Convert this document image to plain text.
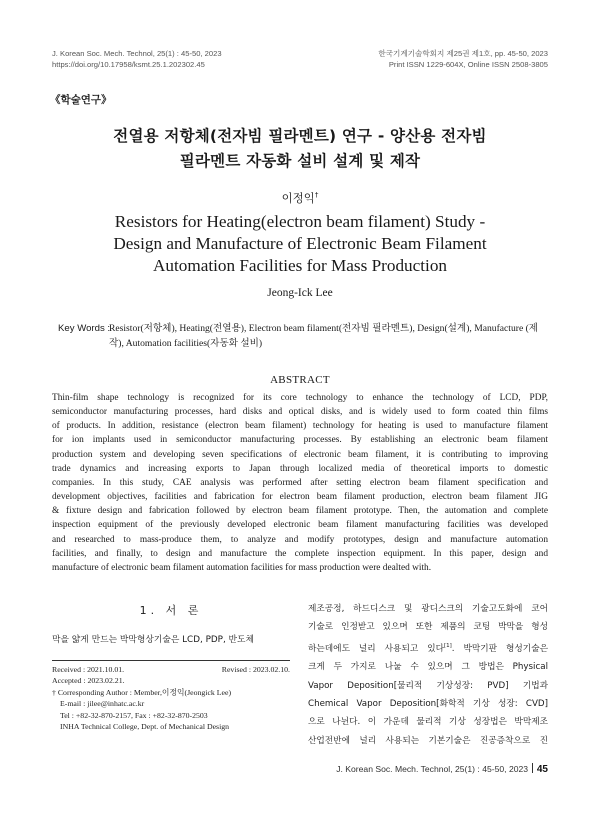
J. Korean Soc. Mech. Technol, 25(1) : 45-50, 2023
https://doi.org/10.17958/ksmt.25.1.202302.45
한국기계기술학회지 제25권 제1호, pp. 45-50, 2023
Print ISSN 1229-604X, Online ISSN 2508-3805
《학술연구》
전열용 저항체(전자빔 필라멘트) 연구 - 양산용 전자빔
필라멘트 자동화 설비 설계 및 제작
이정익†
Resistors for Heating(electron beam filament) Study -
Design and Manufacture of Electronic Beam Filament
Automation Facilities for Mass Production
Jeong-Ick Lee
Key Words :
Resistor(저항체), Heating(전열용), Electron beam filament(전자빔 필라멘트), Design(설계), Manufacture (제작), Automation facilities(자동화 설비)
ABSTRACT
Thin-film shape technology is recognized for its core technology to enhance the technology of LCD, PDP,
semiconductor manufacturing processes, hard disks and optical disks, and is widely used to form coated thin films
of products. In addition, resistance (electron beam filament) technology for heating is used to manufacture filament
for ion implants used in semiconductor manufacturing processes. By establishing an electronic beam filament
production system and developing seven specifications of electronic beam filament, it is contributing to improving
trade dynamics and increasing exports to Japan through localized media of theoretical imports to domestic
companies. In this study, CAE analysis was performed after setting electron beam filament specification and
development objectives, facilities and fabrication for electron beam filament production, electron beam filament JIG
& fixture design and fabrication followed by electron beam filament prototype. Then, the automation and complete
inspection equipment of the previously developed electronic beam filament manufacturing facilities was developed
and researched to mass-produce them, to analyze and modify prototypes, design and manufacture automation
facilities, and finally, to design and manufacture the complete inspection equipment. In this paper, design and
manufacture of electronic beam filament automation facilities for mass production were dealted with.
1. 서 론
막을 얇게 만드는 박막형상기술은 LCD, PDP, 반도체
Received : 2021.10.01.	Revised : 2023.02.10.
Accepted : 2023.02.21.
† Corresponding Author : Member,이정익(Jeongick Lee)
E-mail : jilee@inhatc.ac.kr
Tel : +82-32-870-2157, Fax : +82-32-870-2503
INHA Technical College, Dept. of Mechanical Design
제조공정, 하드디스크 및 광디스크의 기술고도화에 코어
기술로 인정받고 있으며 또한 제품의 코팅 박막을 형성
하는데에도 널리 사용되고 있다[1]. 박막기판 형성기술은
크게 두 가지로 나눌 수 있으며 그 방법은 Physical
Vapor Deposition[물리적 기상성장: PVD] 기법과
Chemical Vapor Deposition[화학적 기상 성장: CVD]
으로 나뉜다. 이 가운데 물리적 기상 성장법은 박막제조
산업전반에 널리 사용되는 기본기술은 진공증착으로 진
J. Korean Soc. Mech. Technol, 25(1) : 45-50, 2023 45
